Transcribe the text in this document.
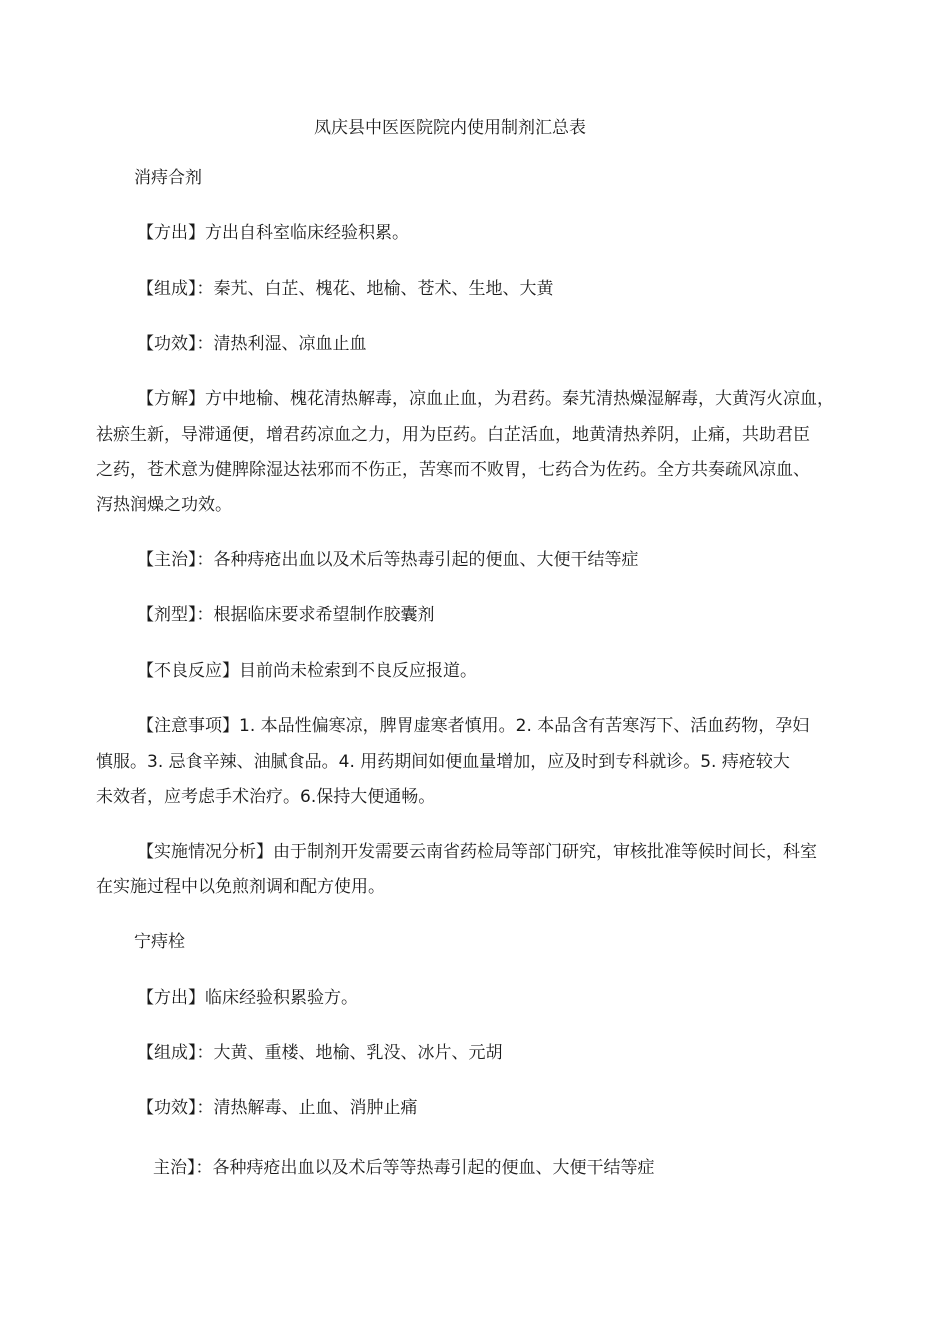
凤庆县中医医院院内使用制剂汇总表
消痔合剂
【方出】方出自科室临床经验积累。
【组成】：秦艽、白芷、槐花、地榆、苍术、生地、大黄
【功效】：清热利湿、凉血止血
【方解】方中地榆、槐花清热解毒，凉血止血，为君药。秦艽清热燥湿解毒，大黄泻火凉血，
祛瘀生新，导滞通便，增君药凉血之力，用为臣药。白芷活血，地黄清热养阴，止痛，共助君臣
之药，苍术意为健脾除湿达祛邪而不伤正，苦寒而不败胃，七药合为佐药。全方共奏疏风凉血、
泻热润燥之功效。
【主治】：各种痔疮出血以及术后等热毒引起的便血、大便干结等症
【剂型】：根据临床要求希望制作胶囊剂
【不良反应】目前尚未检索到不良反应报道。
【注意事项】1. 本品性偏寒凉，脾胃虚寒者慎用。2. 本品含有苦寒泻下、活血药物，孕妇
慎服。3. 忌食辛辣、油腻食品。4. 用药期间如便血量增加，应及时到专科就诊。5. 痔疮较大
未效者，应考虑手术治疗。6.保持大便通畅。
【实施情况分析】由于制剂开发需要云南省药检局等部门研究，审核批准等候时间长，科室
在实施过程中以免煎剂调和配方使用。
宁痔栓
【方出】临床经验积累验方。
【组成】：大黄、重楼、地榆、乳没、冰片、元胡
【功效】：清热解毒、止血、消肿止痛
主治】：各种痔疮出血以及术后等等热毒引起的便血、大便干结等症
